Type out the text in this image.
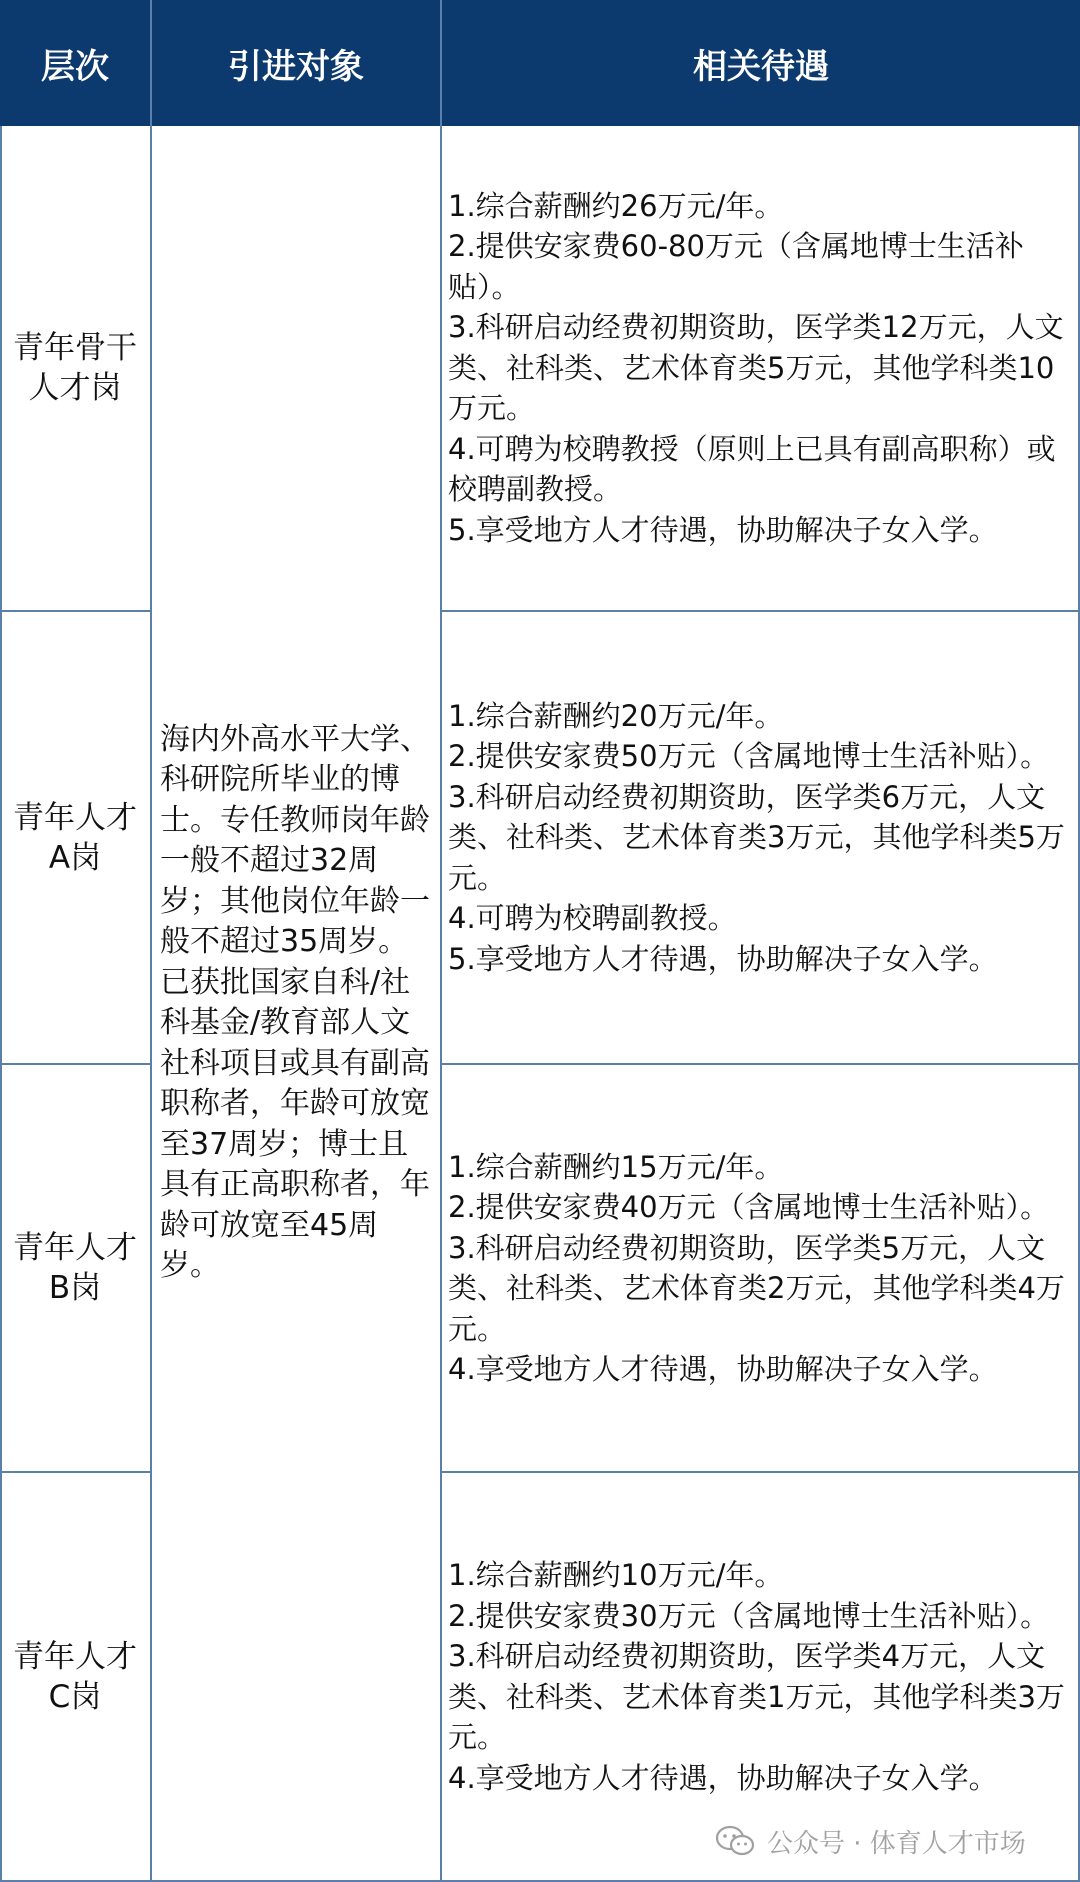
层次	引进对象	相关待遇
青年骨干
人才岗
青年人才
A岗
青年人才
B岗
青年人才
C岗
海内外高水平大学、科研院所毕业的博士。专任教师岗年龄一般不超过32周岁；其他岗位年龄一般不超过35周岁。已获批国家自科/社科基金/教育部人文社科项目或具有副高职称者，年龄可放宽至37周岁；博士且具有正高职称者，年龄可放宽至45周岁。
1.综合薪酬约26万元/年。
2.提供安家费60-80万元（含属地博士生活补贴）。
3.科研启动经费初期资助，医学类12万元，人文类、社科类、艺术体育类5万元，其他学科类10万元。
4.可聘为校聘教授（原则上已具有副高职称）或校聘副教授。
5.享受地方人才待遇，协助解决子女入学。
1.综合薪酬约20万元/年。
2.提供安家费50万元（含属地博士生活补贴）。
3.科研启动经费初期资助，医学类6万元，人文类、社科类、艺术体育类3万元，其他学科类5万元。
4.可聘为校聘副教授。
5.享受地方人才待遇，协助解决子女入学。
1.综合薪酬约15万元/年。
2.提供安家费40万元（含属地博士生活补贴）。
3.科研启动经费初期资助，医学类5万元，人文类、社科类、艺术体育类2万元，其他学科类4万元。
4.享受地方人才待遇，协助解决子女入学。
1.综合薪酬约10万元/年。
2.提供安家费30万元（含属地博士生活补贴）。
3.科研启动经费初期资助，医学类4万元，人文类、社科类、艺术体育类1万元，其他学科类3万元。
4.享受地方人才待遇，协助解决子女入学。
公众号 · 体育人才市场
